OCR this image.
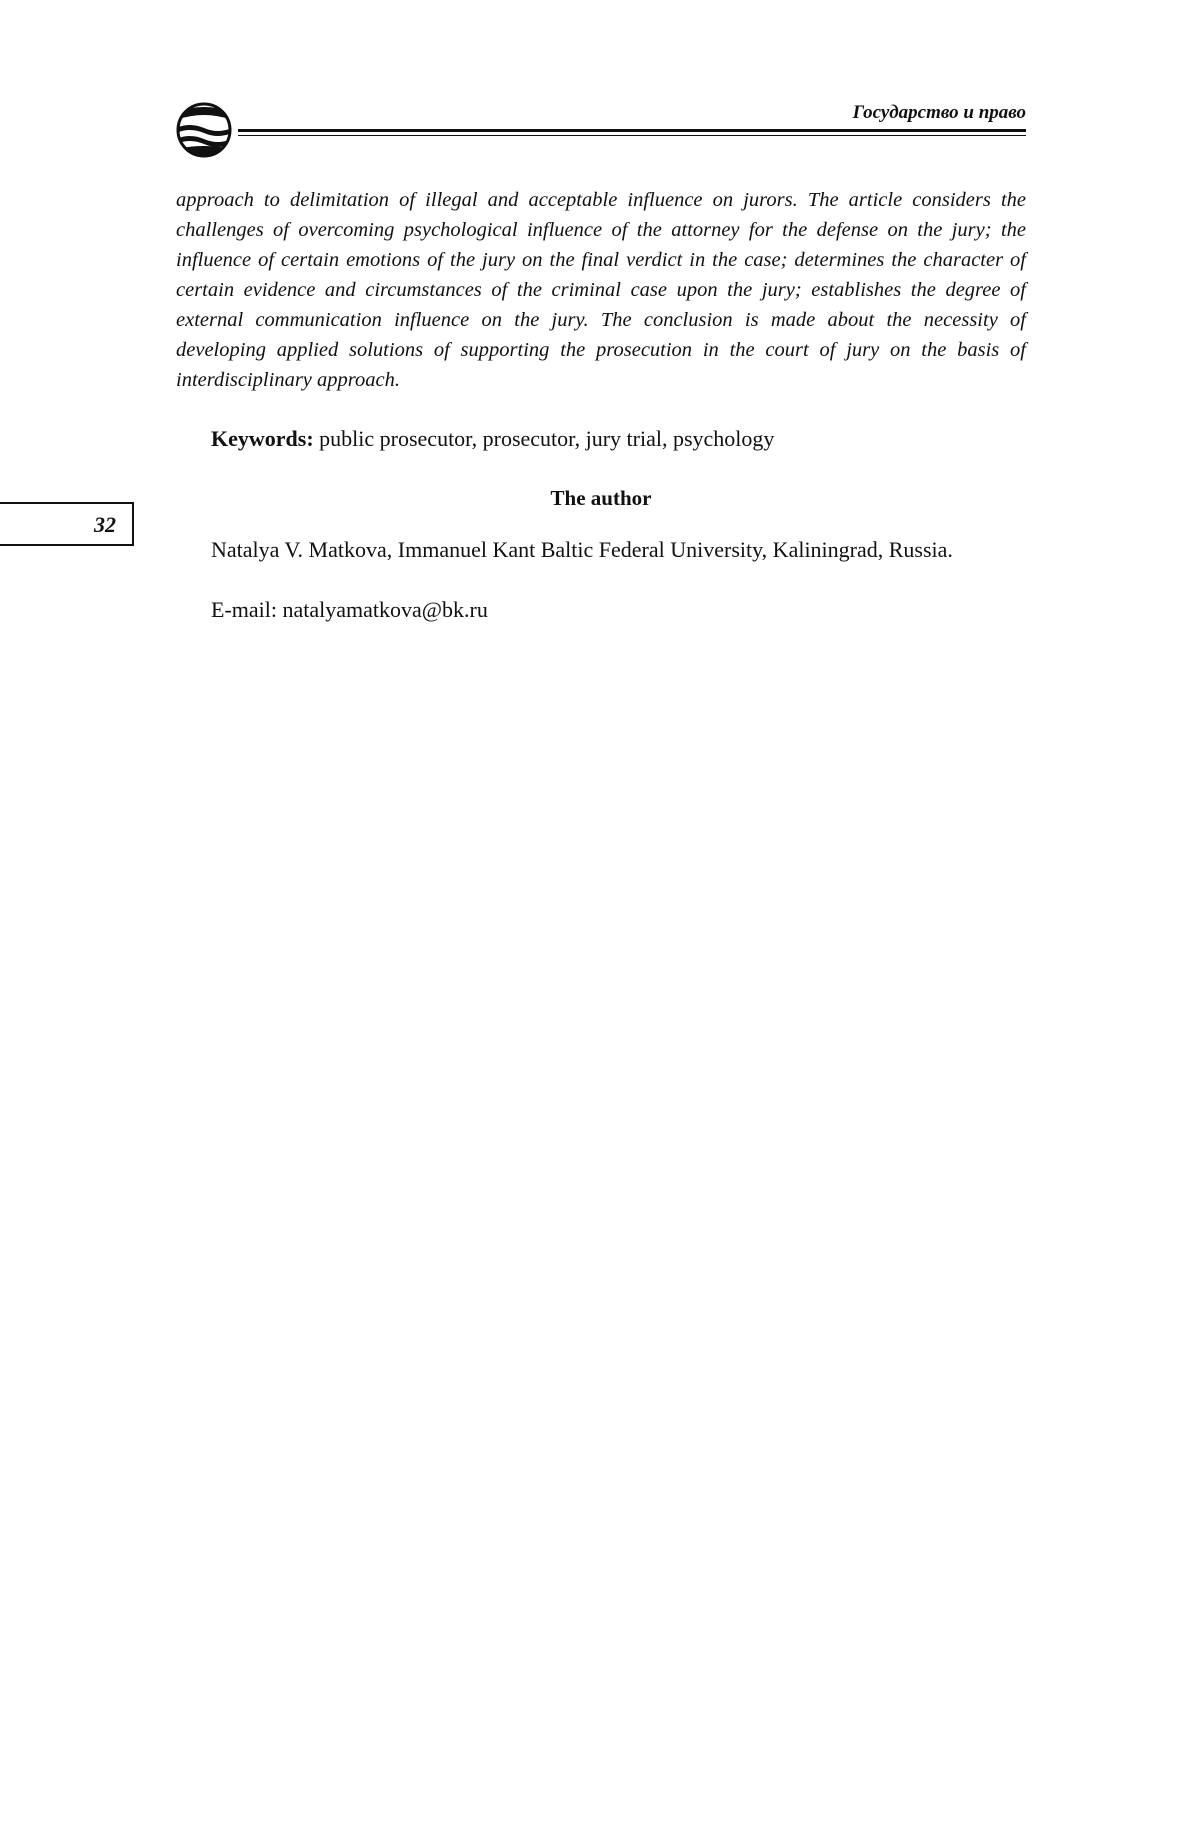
Государство и право

approach to delimitation of illegal and acceptable influence on jurors. The article considers the challenges of overcoming psychological influence of the attorney for the defense on the jury; the influence of certain emotions of the jury on the final verdict in the case; determines the character of certain evidence and circumstances of the criminal case upon the jury; establishes the degree of external communication influence on the jury. The conclusion is made about the necessity of developing applied solutions of supporting the prosecution in the court of jury on the basis of interdisciplinary approach.

Keywords: public prosecutor, prosecutor, jury trial, psychology

The author

Natalya V. Matkova, Immanuel Kant Baltic Federal University, Kaliningrad, Russia.

E-mail: natalyamatkova@bk.ru

32
